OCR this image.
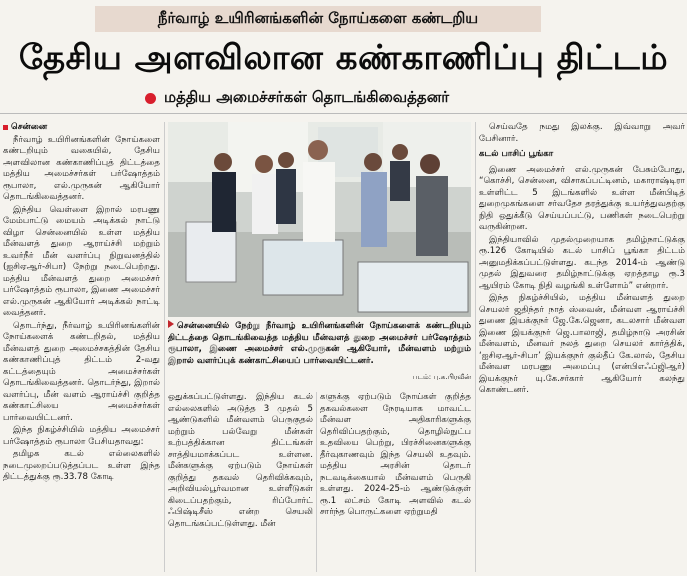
நீர்வாழ் உயிரினங்களின் நோய்களை கண்டறிய
தேசிய அளவிலான கண்காணிப்பு திட்டம்
மத்திய அமைச்சர்கள் தொடங்கிவைத்தனர்
சென்னை

நீர்வாழ் உயிரினங்களின் நோய்களை கண்டறியும் வகையில், தேசிய அளவிலான கண்காணிப்புத் திட்டத்தை மத்திய அமைச்சர்கள் பர்ஷோத்தம் ரூபாலா, எல்.முருகன் ஆகியோர் தொடங்கிவைத்தனர்.

இந்திய வெள்ளை இறால் மரபணு மேம்பாட்டு மையம் அடிக்கல் நாட்டு விழா சென்னையில் உள்ள மத்திய மீன்வளத் துறை ஆராய்ச்சி மற்றும் உவர்நீர் மீன் வளர்ப்பு நிறுவனத்தில் (ஐசிஏஆர்-சிபா) நேற்று நடைபெற்றது. மத்திய மீன்வளத் துறை அமைச்சர் பர்ஷோத்தம் ரூபாலா, இணை அமைச்சர் எல்.முருகன் ஆகியோர் அடிக்கல் நாட்டி வைத்தனர்.

தொடர்ந்து, நீர்வாழ் உயிரினங்களின் நோய்களைக் கண்டறிதல், மத்திய மீன்வளத் துறை அமைச்சகத்தின் தேசிய கண்காணிப்புத் திட்டம் 2-வது கட்டத்தையும் அமைச்சர்கள் தொடங்கிவைத்தனர். தொடர்ந்து, இறால் வளர்ப்பு, மீன் வளம் ஆராய்ச்சி குறித்த கண்காட்சியை அமைச்சர்கள் பார்வையிட்டனர்.

இந்த நிகழ்ச்சியில் மத்திய அமைச்சர் பர்ஷோத்தம் ரூபாலா பேசியதாவது:

தமிழக கடல் எல்லைகளில் நடைமுறைப்படுத்தப்பட உள்ள இந்த திட்டத்துக்கு ரூ.33.78 கோடி

சென்னையில் நேற்று நீர்வாழ் உயிரினங்களின் நோய்களைக் கண்டறியும் திட்டத்தை தொடங்கிவைத்த மத்திய மீன்வளத் துறை அமைச்சர் பர்ஷோத்தம் ரூபாலா, இணை அமைச்சர் எல்.முருகன் ஆகியோர், மீன்வளம் மற்றும் இறால் வளர்ப்புக் கண்காட்சியைப் பார்வையிட்டனர்.
படம்: பு.க.பிரவீன்

ஒதுக்கப்பட்டுள்ளது. இந்திய கடல் எல்லைகளில் அடுத்த 3 முதல் 5 ஆண்டுகளில் மீன்வளம் பெருகுதல் மற்றும் பல்வேறு மீன்கள் உற்பத்திக்கான திட்டங்கள் சாத்தியமாக்கப்பட உள்ளன. மீன்களுக்கு ஏற்படும் நோய்கள் குறித்து தகவல் தெரிவிக்கவும், அறிவியல்பூர்வமான உள்ளீடுகள் கிடைப்பதற்கும், ரிப்போர்ட் ஃபிஷ்டிசீஸ் என்ற செயலி தொடங்கப்பட்டுள்ளது. மீன்

களுக்கு ஏற்படும் நோய்கள் குறித்த தகவல்களை நேரடியாக மாவட்ட மீன்வள அதிகாரிகளுக்கு தெரிவிப்பதற்கும், தொழில்நுட்ப உதவியை பெற்று, பிரச்சினைகளுக்கு தீர்வுகாணவும் இந்த செயலி உதவும். மத்திய அரசின் தொடர் நடவடிக்கையால் மீன்வளம் பெருகி உள்ளது. 2024-25-ம் ஆண்டுக்குள் ரூ.1 லட்சம் கோடி அளவில் கடல் சார்ந்த பொருட்களை ஏற்றுமதி

செய்வதே நமது இலக்கு. இவ்வாறு அவர் பேசினார்.

கடல் பாசிப் பூங்கா

இணை அமைச்சர் எல்.முருகன் பேசும்போது, “கொச்சி, சென்னை, விசாகப்பட்டினம், மகாராஷ்டிரா உள்ளிட்ட 5 இடங்களில் உள்ள மீன்பிடித் துறைமுகங்களை சர்வதேச தரத்துக்கு உயர்த்துவதற்கு நிதி ஒதுக்கீடு செய்யப்பட்டு, பணிகள் நடைபெற்று வருகின்றன.

இந்தியாவில் முதல்முறையாக தமிழ்நாட்டுக்கு ரூ.126 கோடியில் கடல் பாசிப் பூங்கா திட்டம் அனுமதிக்கப்பட்டுள்ளது. கடந்த 2014-ம் ஆண்டு முதல் இதுவரை தமிழ்நாட்டுக்கு ஏறத்தாழ ரூ.3 ஆயிரம் கோடி நிதி வழங்கி உள்ளோம்” என்றார்.

இந்த நிகழ்ச்சியில், மத்திய மீன்வளத் துறை செயலர் ஜதிந்தர் நாத் ஸ்வைன், மீன்வள ஆராய்ச்சி துணை இயக்குநர் ஜே.கே.ஜெனா, கடலசார் மீன்வள இணை இயக்குநர் ஜெ.பாலாஜி, தமிழ்நாடு அரசின் மீன்வளம், மீனவர் நலத் துறை செயலர் கார்த்திக், ‘ஐசிஏஆர்-சிபா’ இயக்குநர் குல்தீப் கே.லால், தேசிய மீன்வள மரபணு அமைப்பு (என்பிஎஃப்ஜிஆர்) இயக்குநர் யு.கே.சர்கார் ஆகியோர் கலந்து கொண்டனர்.
